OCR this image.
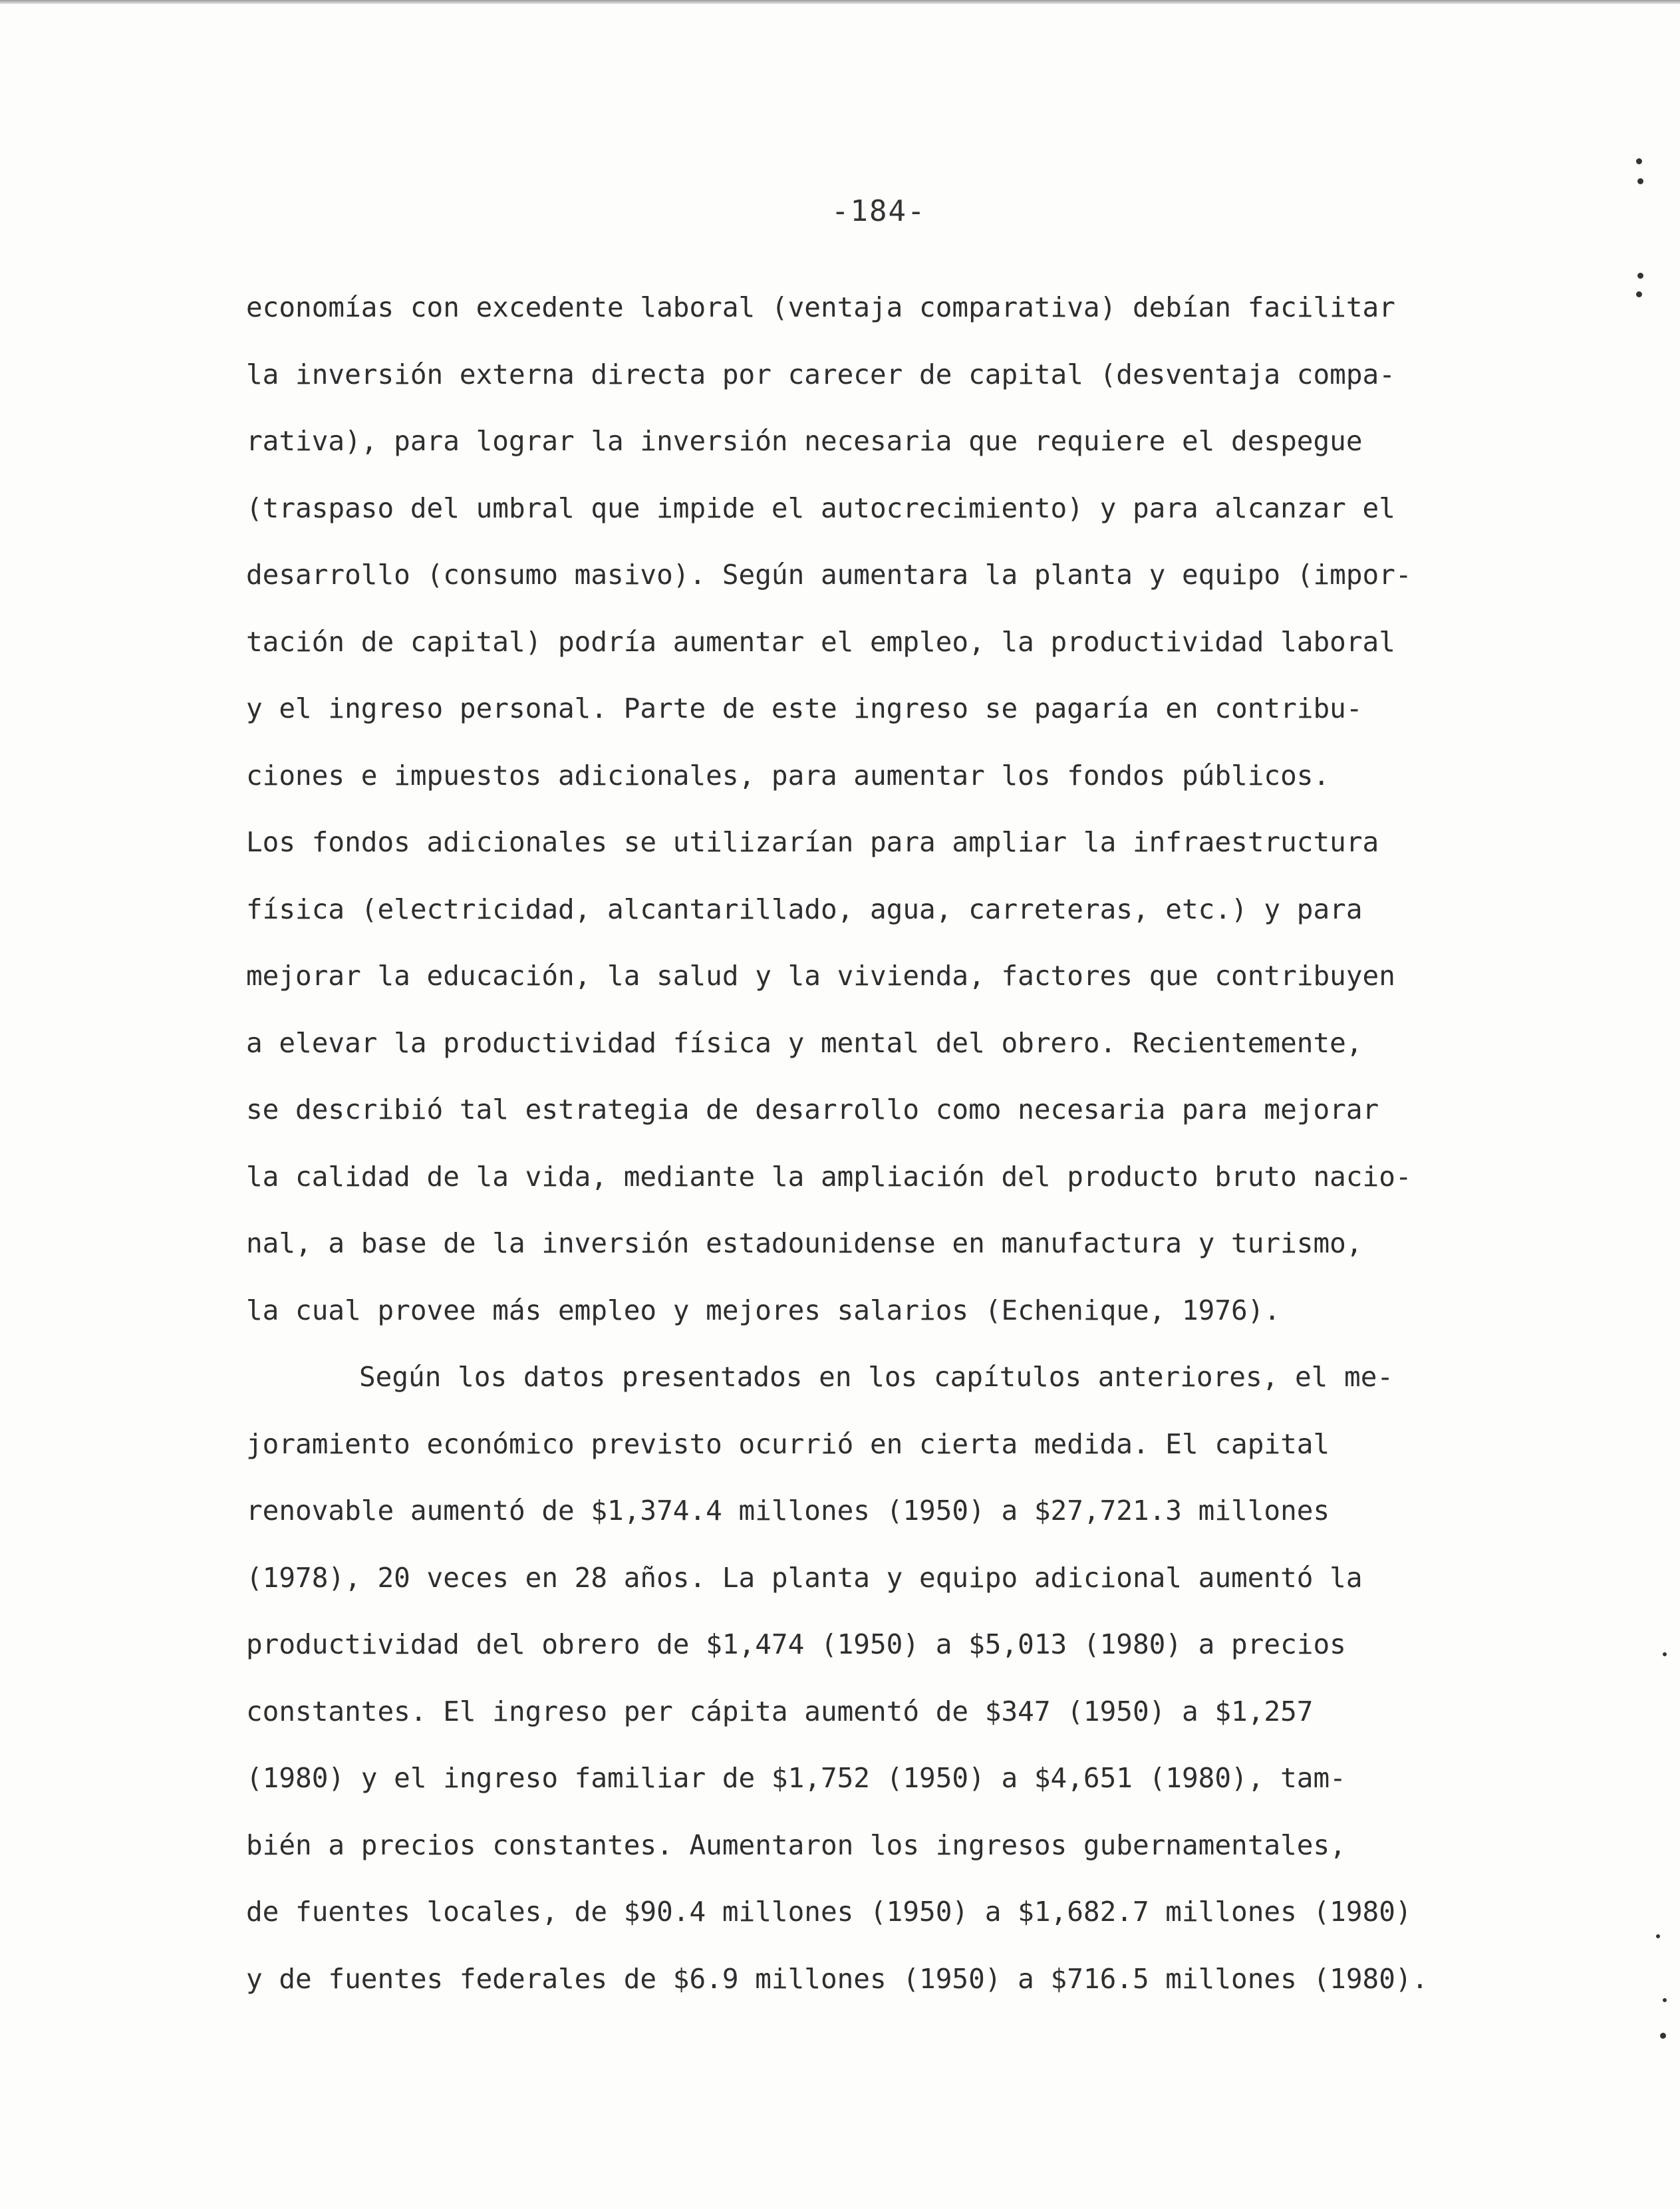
-184-
economías con excedente laboral (ventaja comparativa) debían facilitar
la inversión externa directa por carecer de capital (desventaja compa-
rativa), para lograr la inversión necesaria que requiere el despegue
(traspaso del umbral que impide el autocrecimiento) y para alcanzar el
desarrollo (consumo masivo). Según aumentara la planta y equipo (impor-
tación de capital) podría aumentar el empleo, la productividad laboral
y el ingreso personal. Parte de este ingreso se pagaría en contribu-
ciones e impuestos adicionales, para aumentar los fondos públicos.
Los fondos adicionales se utilizarían para ampliar la infraestructura
física (electricidad, alcantarillado, agua, carreteras, etc.) y para
mejorar la educación, la salud y la vivienda, factores que contribuyen
a elevar la productividad física y mental del obrero. Recientemente,
se describió tal estrategia de desarrollo como necesaria para mejorar
la calidad de la vida, mediante la ampliación del producto bruto nacio-
nal, a base de la inversión estadounidense en manufactura y turismo,
la cual provee más empleo y mejores salarios (Echenique, 1976).
Según los datos presentados en los capítulos anteriores, el me-
joramiento económico previsto ocurrió en cierta medida. El capital
renovable aumentó de $1,374.4 millones (1950) a $27,721.3 millones
(1978), 20 veces en 28 años. La planta y equipo adicional aumentó la
productividad del obrero de $1,474 (1950) a $5,013 (1980) a precios
constantes. El ingreso per cápita aumentó de $347 (1950) a $1,257
(1980) y el ingreso familiar de $1,752 (1950) a $4,651 (1980), tam-
bién a precios constantes. Aumentaron los ingresos gubernamentales,
de fuentes locales, de $90.4 millones (1950) a $1,682.7 millones (1980)
y de fuentes federales de $6.9 millones (1950) a $716.5 millones (1980).
